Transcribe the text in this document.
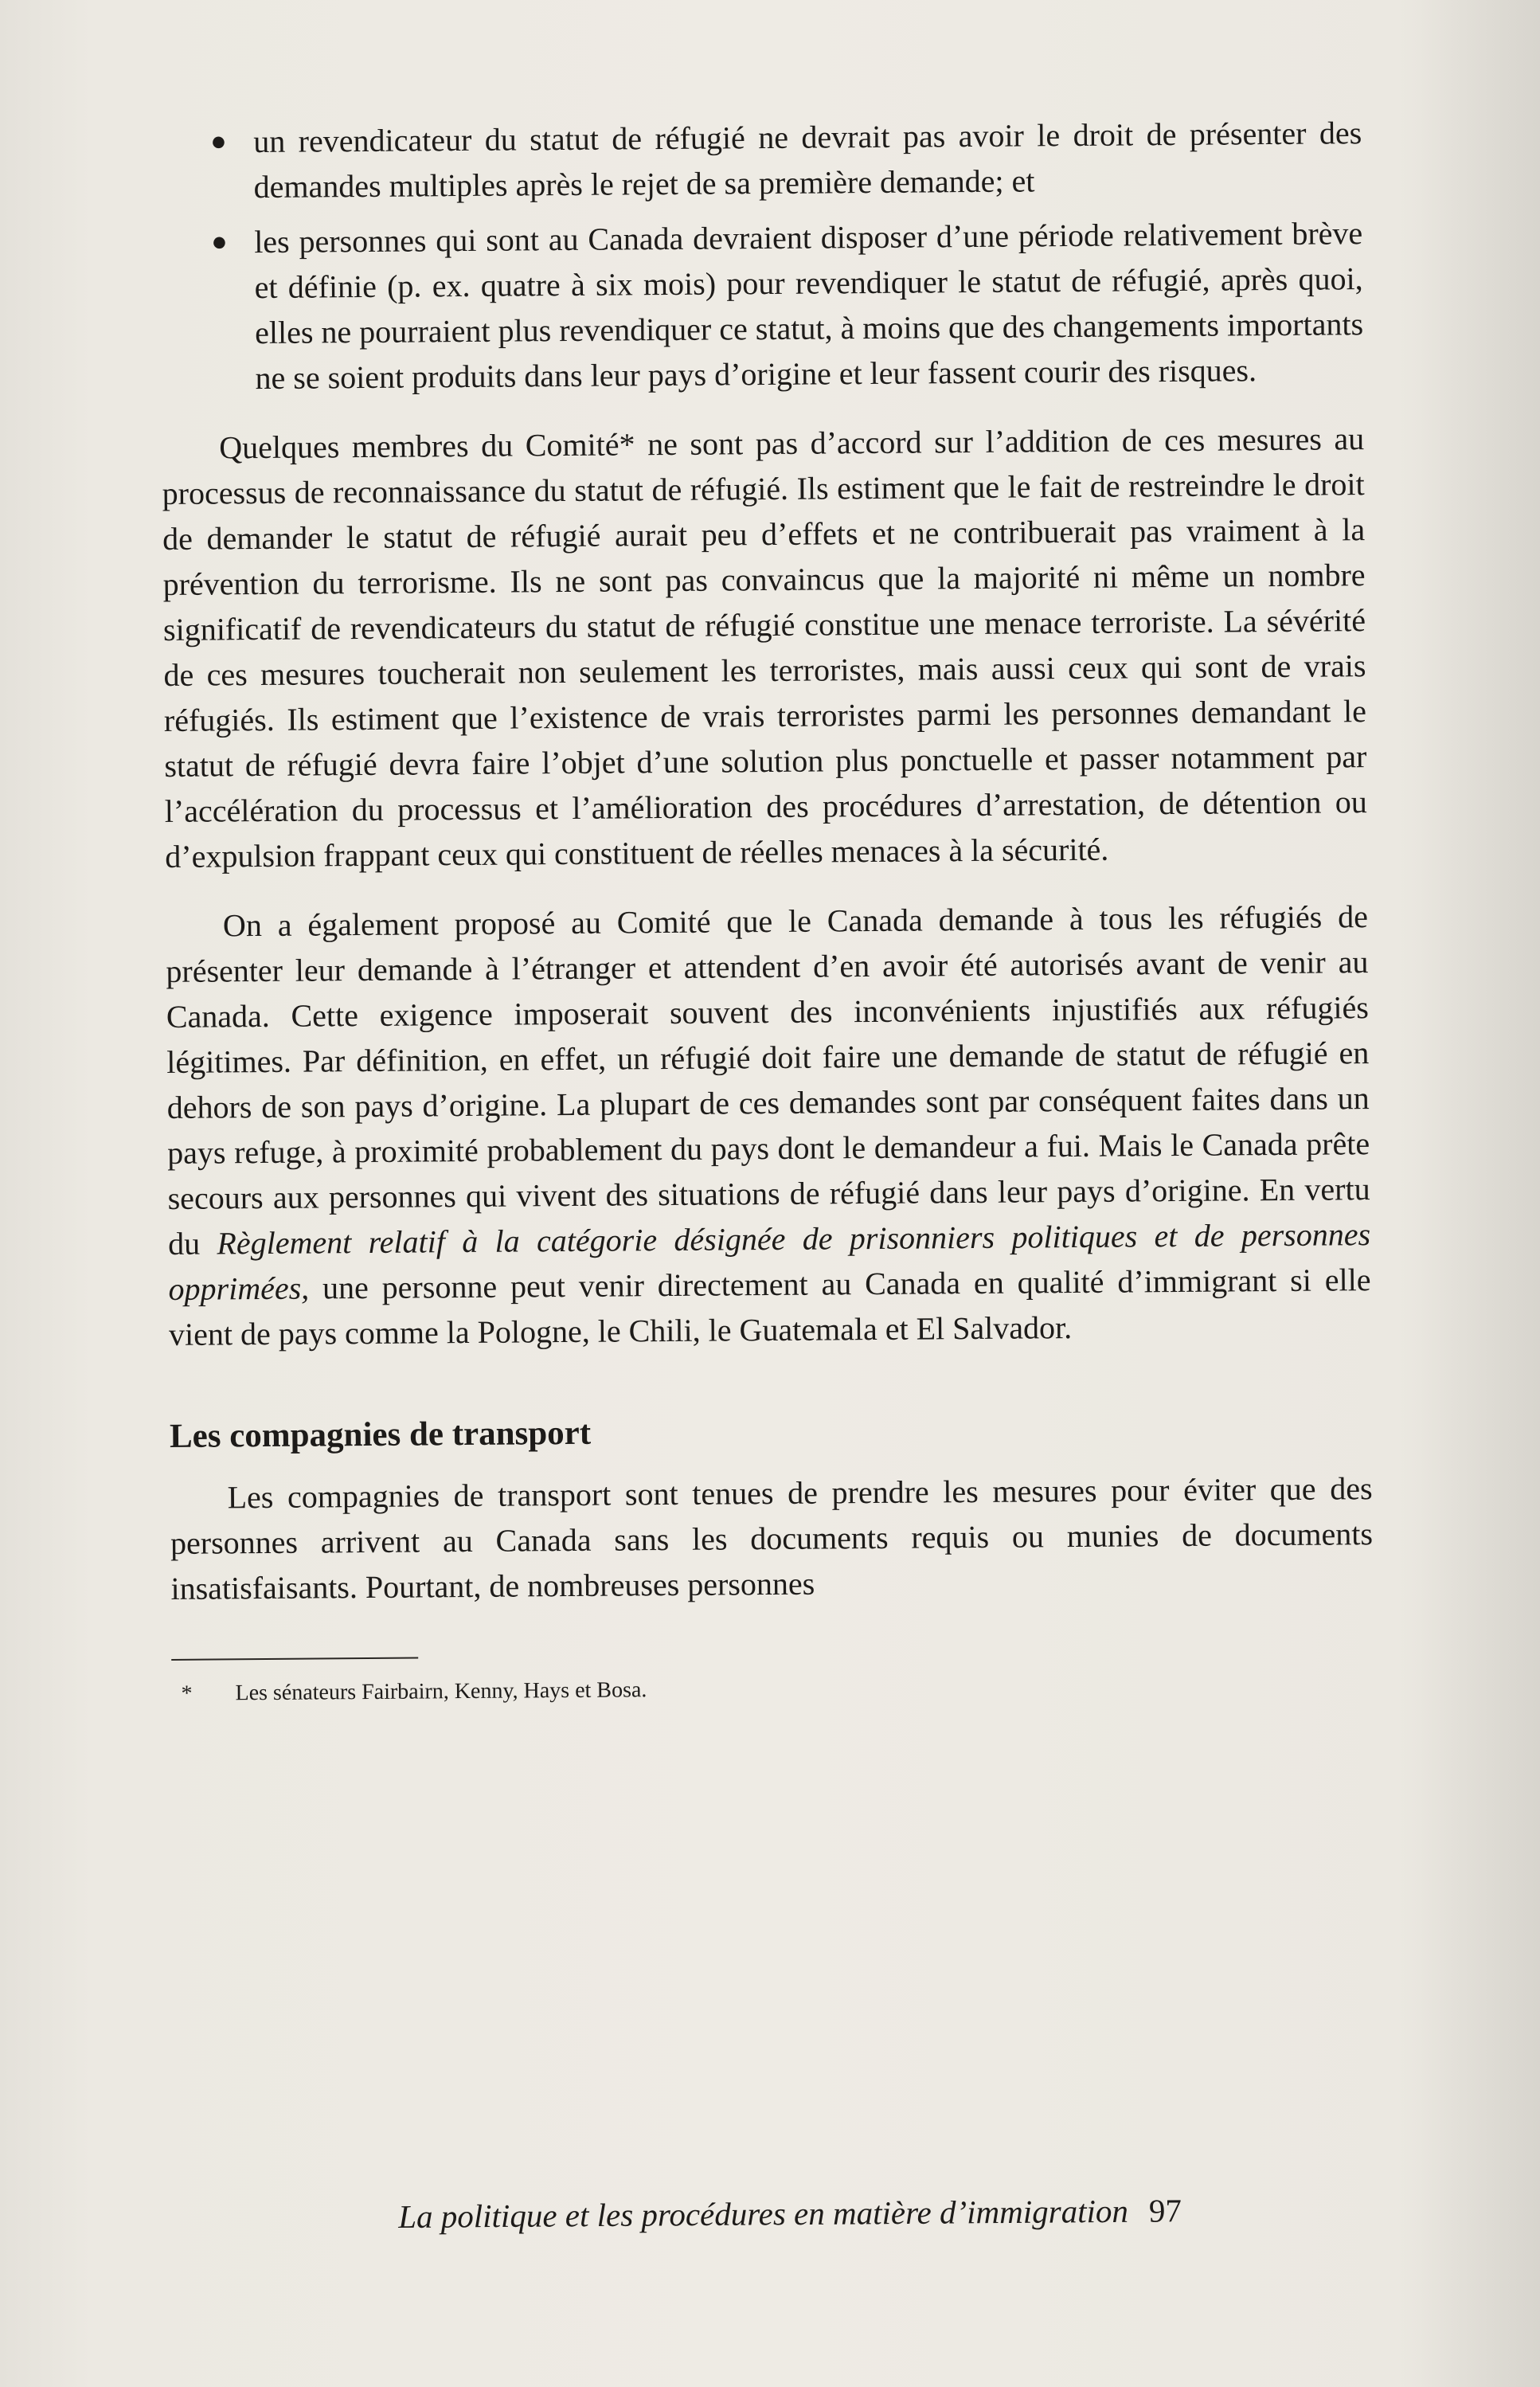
● un revendicateur du statut de réfugié ne devrait pas avoir le droit de présenter des demandes multiples après le rejet de sa première demande; et
● les personnes qui sont au Canada devraient disposer d’une période relativement brève et définie (p. ex. quatre à six mois) pour revendiquer le statut de réfugié, après quoi, elles ne pourraient plus revendiquer ce statut, à moins que des changements importants ne se soient produits dans leur pays d’origine et leur fassent courir des risques.

Quelques membres du Comité* ne sont pas d’accord sur l’addition de ces mesures au processus de reconnaissance du statut de réfugié. Ils estiment que le fait de restreindre le droit de demander le statut de réfugié aurait peu d’effets et ne contribuerait pas vraiment à la prévention du terrorisme. Ils ne sont pas convaincus que la majorité ni même un nombre significatif de revendicateurs du statut de réfugié constitue une menace terroriste. La sévérité de ces mesures toucherait non seulement les terroristes, mais aussi ceux qui sont de vrais réfugiés. Ils estiment que l’existence de vrais terroristes parmi les personnes demandant le statut de réfugié devra faire l’objet d’une solution plus ponctuelle et passer notamment par l’accélération du processus et l’amélioration des procédures d’arrestation, de détention ou d’expulsion frappant ceux qui constituent de réelles menaces à la sécurité.

On a également proposé au Comité que le Canada demande à tous les réfugiés de présenter leur demande à l’étranger et attendent d’en avoir été autorisés avant de venir au Canada. Cette exigence imposerait souvent des inconvénients injustifiés aux réfugiés légitimes. Par définition, en effet, un réfugié doit faire une demande de statut de réfugié en dehors de son pays d’origine. La plupart de ces demandes sont par conséquent faites dans un pays refuge, à proximité probablement du pays dont le demandeur a fui. Mais le Canada prête secours aux personnes qui vivent des situations de réfugié dans leur pays d’origine. En vertu du Règlement relatif à la catégorie désignée de prisonniers politiques et de personnes opprimées, une personne peut venir directement au Canada en qualité d’immigrant si elle vient de pays comme la Pologne, le Chili, le Guatemala et El Salvador.

Les compagnies de transport

Les compagnies de transport sont tenues de prendre les mesures pour éviter que des personnes arrivent au Canada sans les documents requis ou munies de documents insatisfaisants. Pourtant, de nombreuses personnes

* Les sénateurs Fairbairn, Kenny, Hays et Bosa.
La politique et les procédures en matière d’immigration 97
